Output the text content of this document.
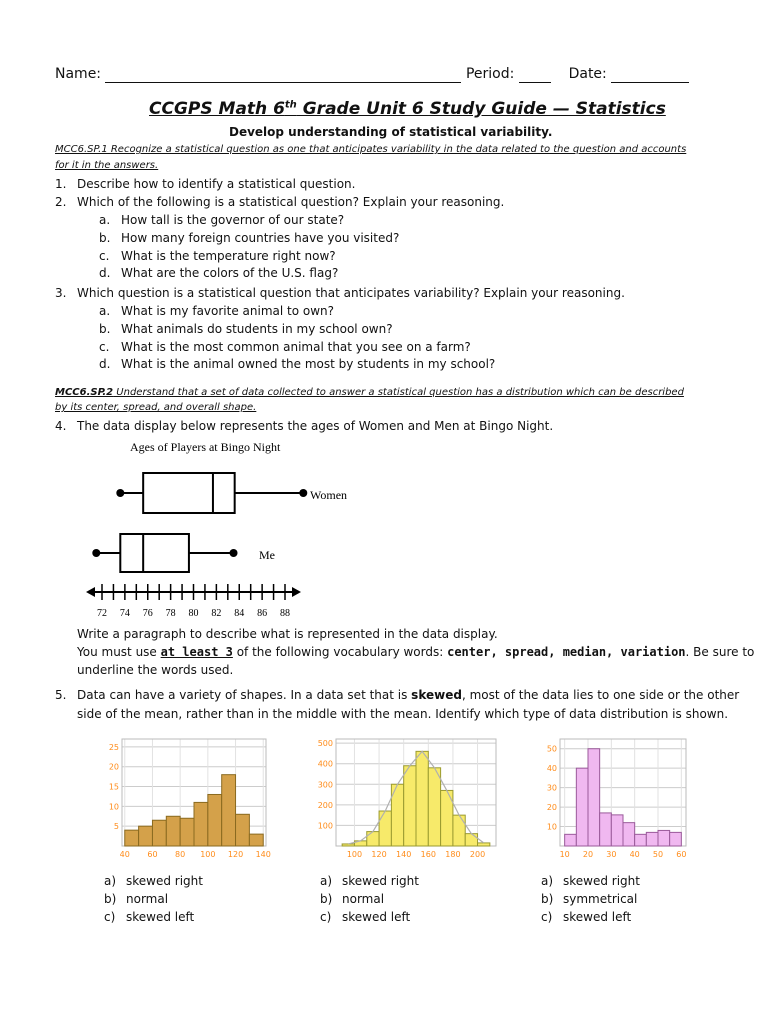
Name:	Period:	Date:
CCGPS Math 6th Grade Unit 6 Study Guide — Statistics
Develop understanding of statistical variability.
MCC6.SP.1 Recognize a statistical question as one that anticipates variability in the data related to the question and accounts
for it in the answers.
1. Describe how to identify a statistical question.
2. Which of the following is a statistical question? Explain your reasoning.
a. How tall is the governor of our state?
b. How many foreign countries have you visited?
c. What is the temperature right now?
d. What are the colors of the U.S. flag?
3. Which question is a statistical question that anticipates variability? Explain your reasoning.
a. What is my favorite animal to own?
b. What animals do students in my school own?
c. What is the most common animal that you see on a farm?
d. What is the animal owned the most by students in my school?
MCC6.SP.2 Understand that a set of data collected to answer a statistical question has a distribution which can be described
by its center, spread, and overall shape.
4. The data display below represents the ages of Women and Men at Bingo Night.
Ages of Players at Bingo Night
72 74 76 78 80 82 84 86 88
Women
Me
Write a paragraph to describe what is represented in the data display.
You must use at least 3 of the following vocabulary words: center, spread, median, variation. Be sure to
underline the words used.
5. Data can have a variety of shapes. In a data set that is skewed, most of the data lies to one side or the other
side of the mean, rather than in the middle with the mean. Identify which type of data distribution is shown.
5
10
15
20
25
40 60 80 100 120 140
100
200
300
400
500
100 120 140 160 180 200
10
20
30
40
50
10 20 30 40 50 60
a) skewed right
b) normal
c) skewed left
a) skewed right
b) normal
c) skewed left
a) skewed right
b) symmetrical
c) skewed left
